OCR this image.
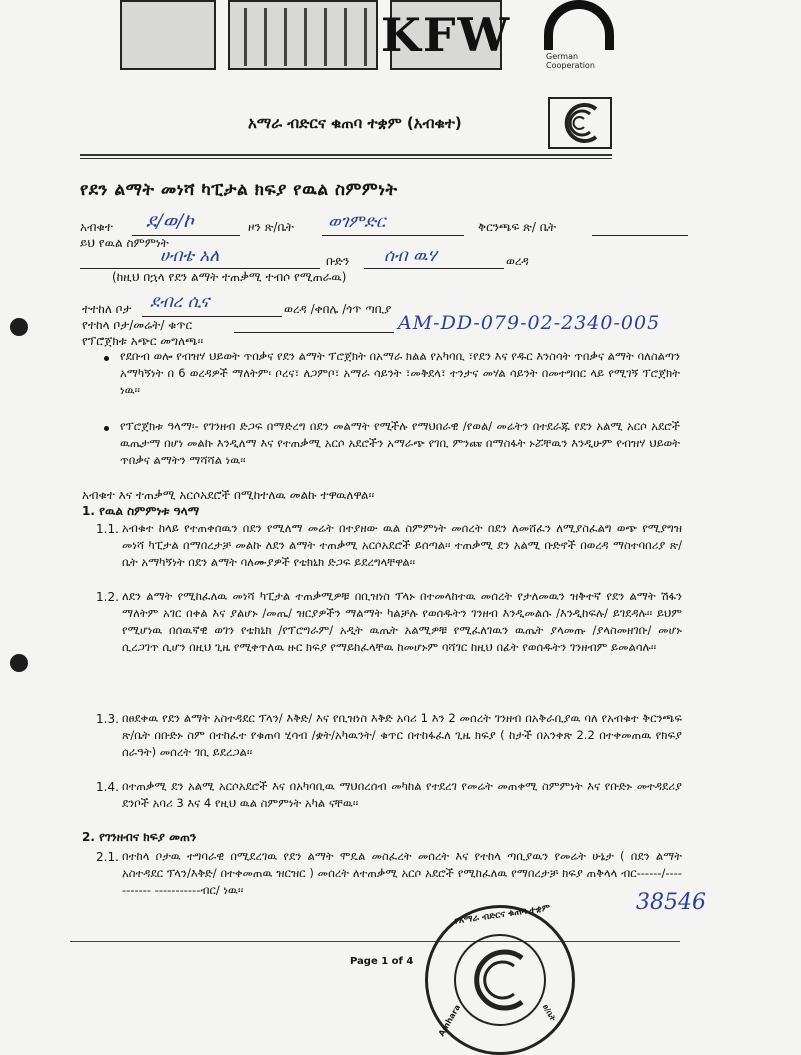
KFW	German
Cooperation
አማራ ብድርና ቁጠባ ተቋም (አብቁተ)
የደን ልማት መነሻ ካፒታል ክፍያ የዉል ስምምነት
አብቁተ ደ/ወ/ኮ	ዞን ጽ/ቤት ወገምድር	ቅርንጫፍ ጽ/ ቤት
ይህ የዉል ስምምነት
ሀብቴ አለ	ቡድን ሰብ ዉሃ	ወረዳ
(ከዚህ በኋላ የደን ልማት ተጠቃሚ ተብሶ የሚጠራዉ)
ተተከለ ቦታ ደብረ ሲና	ወረዳ /ቀበሌ /ጎጥ ጣቢያ
የተከላ ቦታ/መሬት/ ቁጥር	AM-DD-079-02-2340-005
የፕሮጀክቱ አጭር መግለጫ፡፡
የደቡብ ወሎ የብዝሃ ህይወት ጥበቃና የደን ልማት ፕሮጀክት በአማራ ክልል የአካባቢ ፣የደን እና የዱር እንስሳት ጥበቃና ልማት ባለስልጣን አማካኝነት በ 6 ወረዳዎች ማለትም፡ ቦረና፣ ለጋምቦ፣ አማራ ሳይንት ፣መቅደላ፣ ተንታና መሃል ሳይንት በመተግበር ላይ የሚገኝ ፕሮጀክት ነዉ፡፡
የፕሮጀክቱ ዓላማ፡- የገንዘብ ድጋፍ በማድረግ በደን መልማት የሚችሉ የማህበራዊ /የወል/ መሬትን በተደራጁ የደን አልሚ አርሶ አደሮች ዉጤታማ በሆነ መልኩ እንዲለማ እና የተጠቃሚ አርሶ አደሮችን አማራጭ የገቢ ምንጩ በማስፋት ኑሯቸዉን እንዲሁም የብዝሃ ህይወት ጥበቃና ልማትን ማሻሻል ነዉ፡፡
አብቁተ እና ተጠቃሚ አርሶአደሮች በሚከተለዉ መልኩ ተዋዉለዋል፡፡
1. የዉል ስምምነቱ ዓላማ
1.1. አብቁተ ከላይ የተጠቀሰዉን በደን የሚለማ መሬት በተያዘው ዉል ስምምነት መሰረት በደን ለመሸፈን ለሚያስፈልግ ወጭ የሚያግዝ መነሻ ካፒታል በማበረታቻ መልኩ ለደን ልማት ተጠቃሚ አርሶአደሮች ይሰጣል፡፡ ተጠቃሚ ደን አልሚ ቡድኖች በወረዳ ማስተባበሪያ ጽ/ ቤት አማካኝነት በደን ልማት ባለሙያዎች የቴክኒክ ድጋፍ ይደረግላቸዋል፡፡
1.2. ለደን ልማት የሚከፈለዉ መነሻ ካፒታል ተጠቃሚዎቹ በቢዝነስ ፕላኑ በተመላከተዉ መሰረት የታለመዉን ዝቅተኛ የደን ልማት ሽፋን ማለትም አገር በቀል እና ያልሆኑ /መጤ/ ዝርያዎችን ማልማት ካልቻሉ የወሰዱትን ገንዘብ እንዲመልሱ /እንዲከፍሉ/ ይገደዳሉ፡፡ ይህም የሚሆነዉ በሰዉኛዊ ወገን የቴክኒክ /የፕሮግራም/ አዲት ዉጤት አልሚዎቹ የሚፈለገዉን ዉጤት ያላመጡ /ያላስመዘገቡ/ መሆኑ ሲረጋገጥ ሲሆን በዚህ ጊዜ የሚቀጥለዉ ዙር ክፍያ የማይከፈላቸዉ ከመሆኑም ባሻገር ከዚህ በፊት የወሰዱትን ገንዘብም ይመልሳሉ፡፡
1.3. በፀደቀዉ የደን ልማት አስተዳደር ፕላን/ እቅድ/ እና የቢዝነስ እቅድ አባሪ 1 እን 2 መሰረት ገንዘብ በአቅራቢያዉ ባለ የአብቁተ ቅርንጫፍ ጽ/ቤት በቡድኑ ስም በተከፈተ የቁጠባ ሂሳብ /ቋት/አካዉንት/ ቁጥር በተከፋፈለ ጊዜ ክፍያ ( ከታች በአንቀጽ 2.2 በተቀመጠዉ የክፍያ ሰራዓት) መሰረት ገቢ ይደረጋል፡፡
1.4. በተጠቃሚ ደን አልሚ አርሶአደሮች እና በአካባቢዉ ማህበረሰብ መካከል የተደረገ የመሬት መጠቀሚ ስምምነት እና የቡድኑ መተዳደሪያ ደንቦች አባሪ 3 እና 4 የዚህ ዉል ስምምነት አካል ናቸዉ፡፡
2. የገንዘብና ክፍያ መጠን
2.1. በተከላ ቦታዉ ተግባራዊ በሚደረገዉ የደን ልማት ሞዴል መስፈረት መሰረት እና የተከላ ጣቢያዉን የመሬት ሁኔታ ( በደን ልማት አስተዳደር ፕላን/እቅድ/ በተቀመጠዉ ዝርዝር ) መሰረት ለተጠቃሚ አርሶ አደሮች የሚከፈለዉ የማበረታቻ ክፍያ ጠቅላላ ብር------/----------- -----------ብር/ ነዉ፡፡	38546
Page 1 of 4
የአማራ ብድርና ቁጠባ ተቋም
Amhara	ፀ/ቤት
